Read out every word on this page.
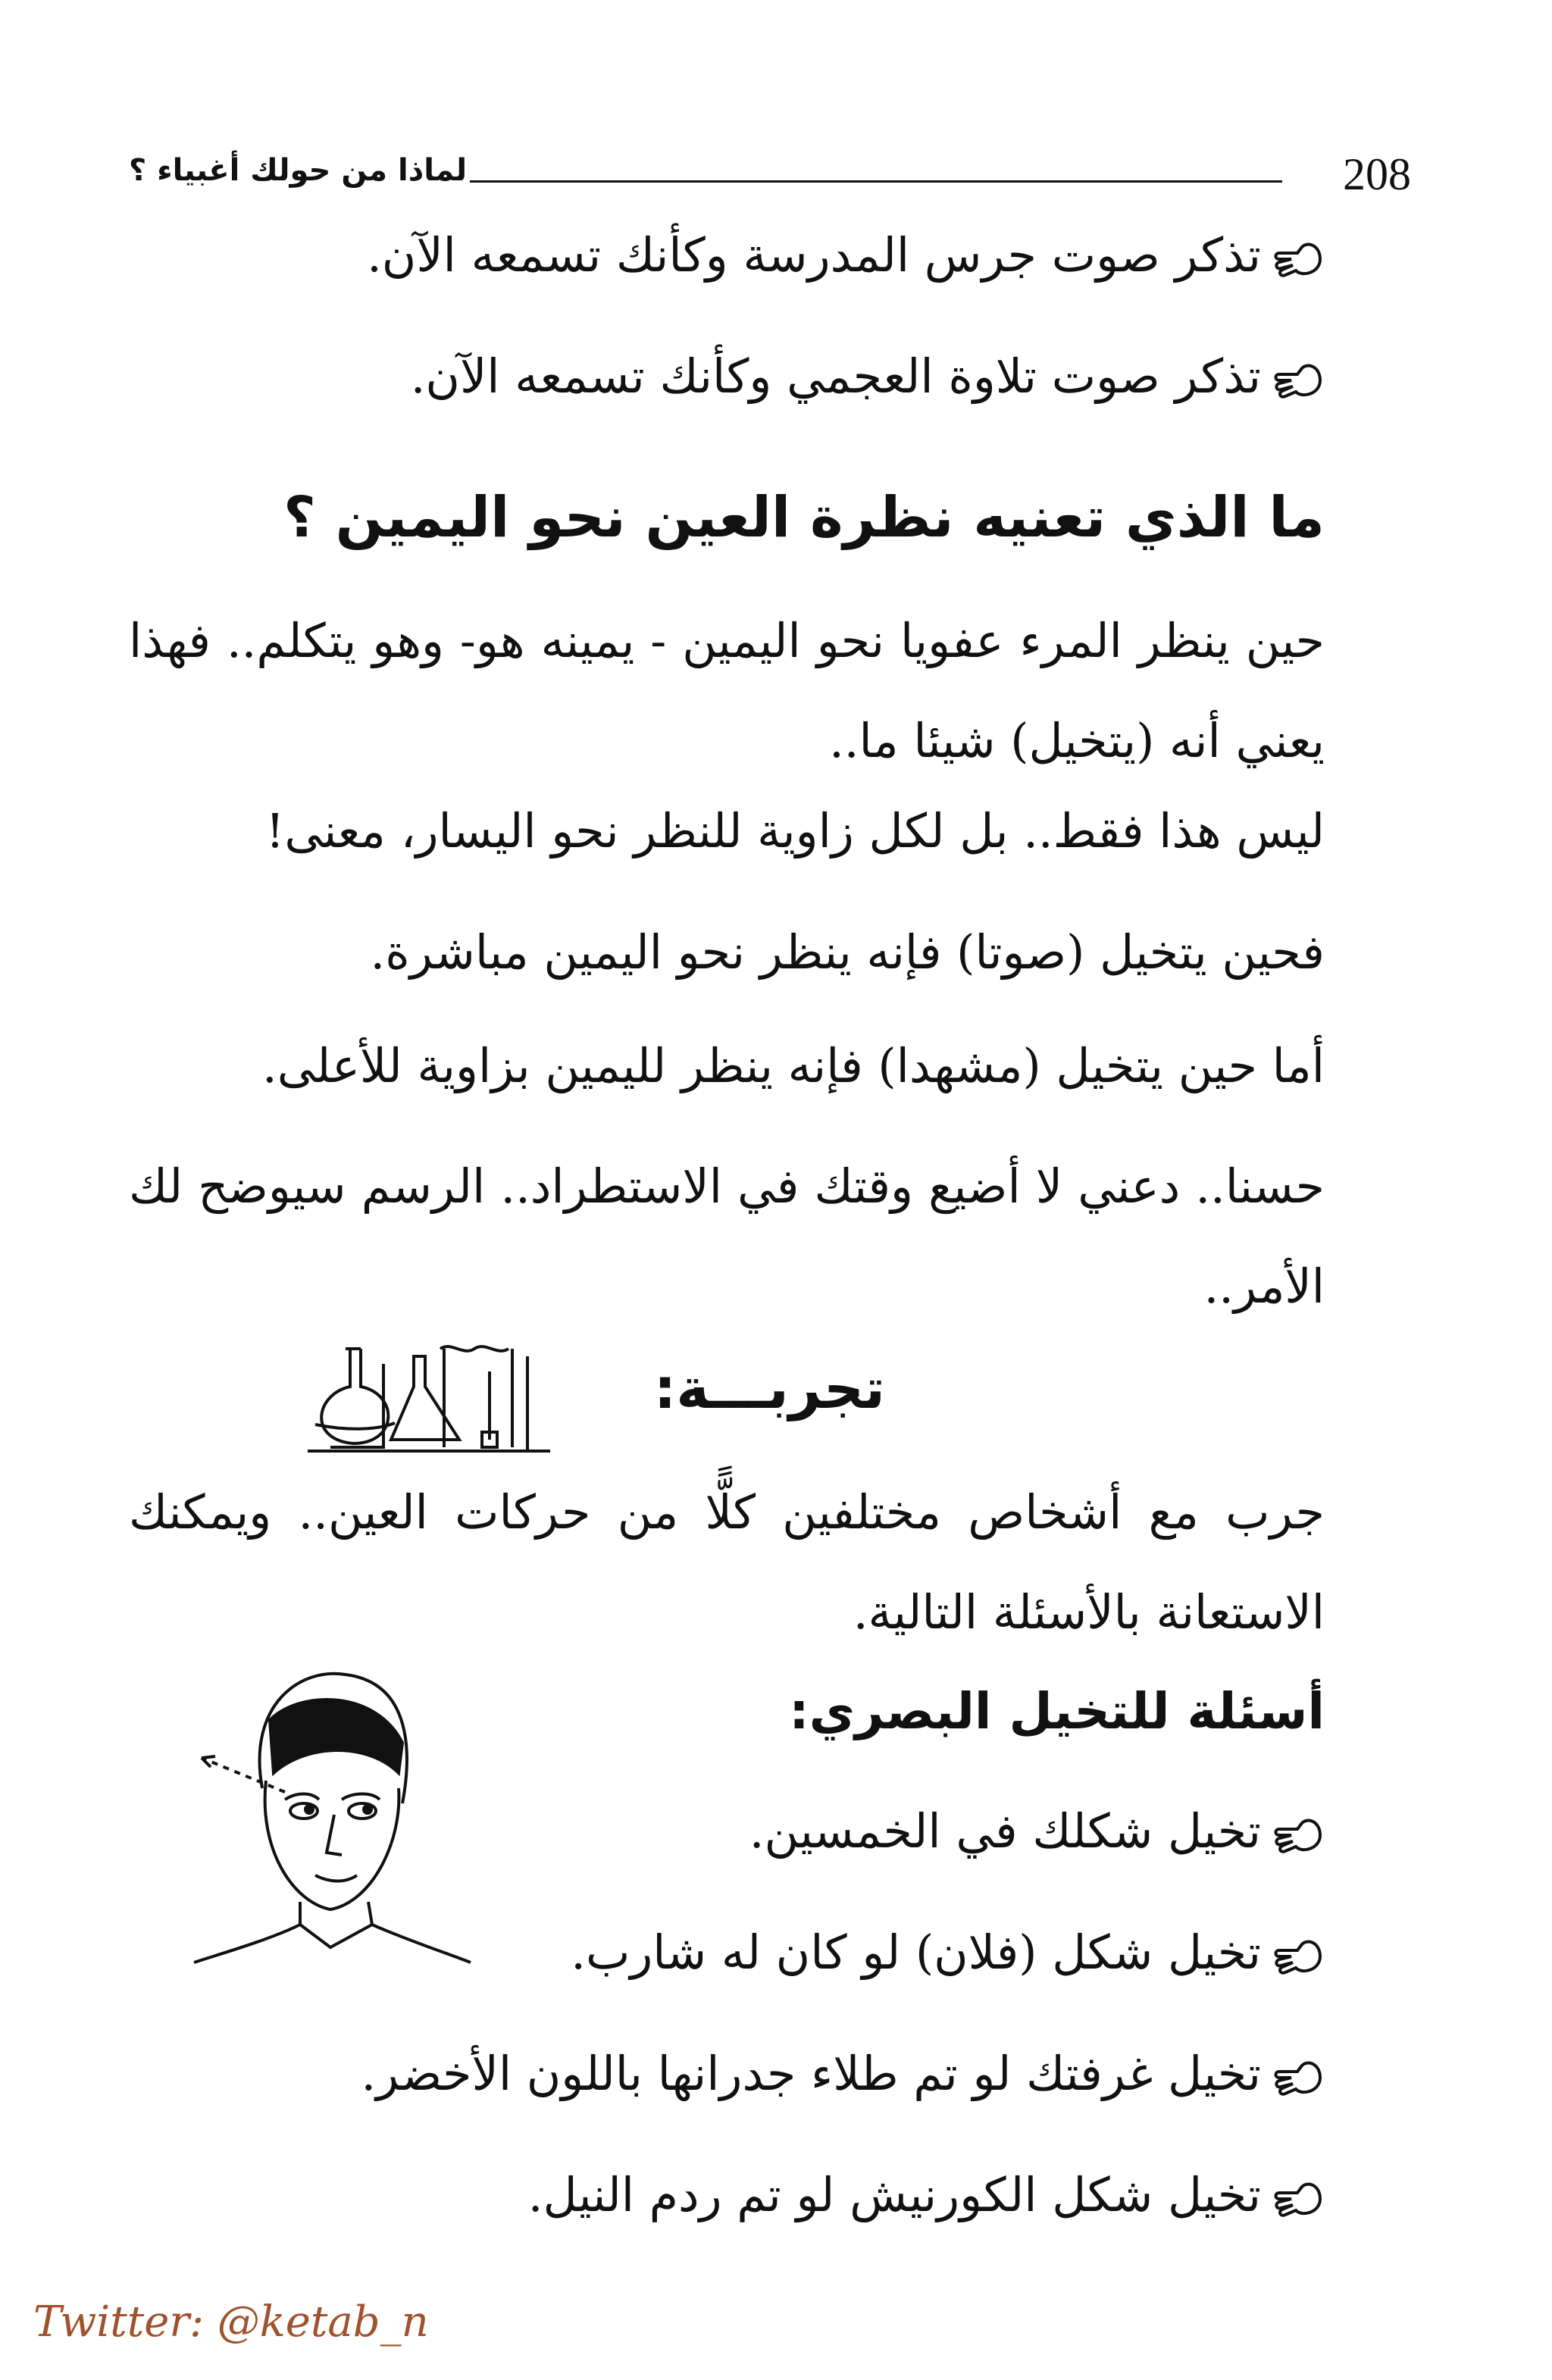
لماذا من حولك أغبياء ؟	208
تذكر صوت جرس المدرسة وكأنك تسمعه الآن.
تذكر صوت تلاوة العجمي وكأنك تسمعه الآن.
ما الذي تعنيه نظرة العين نحو اليمين ؟
حين ينظر المرء عفويا نحو اليمين - يمينه هو- وهو يتكلم.. فهذا يعني أنه (يتخيل) شيئا ما..
ليس هذا فقط.. بل لكل زاوية للنظر نحو اليسار، معنى!
فحين يتخيل (صوتا) فإنه ينظر نحو اليمين مباشرة.
أما حين يتخيل (مشهدا) فإنه ينظر لليمين بزاوية للأعلى.
حسنا.. دعني لا أضيع وقتك في الاستطراد.. الرسم سيوضح لك الأمر..
تجربـــة:
جرب مع أشخاص مختلفين كلًّا من حركات العين.. ويمكنك الاستعانة بالأسئلة التالية.
أسئلة للتخيل البصري:
تخيل شكلك في الخمسين.
تخيل شكل (فلان) لو كان له شارب.
تخيل غرفتك لو تم طلاء جدرانها باللون الأخضر.
تخيل شكل الكورنيش لو تم ردم النيل.
Twitter: @ketab_n
